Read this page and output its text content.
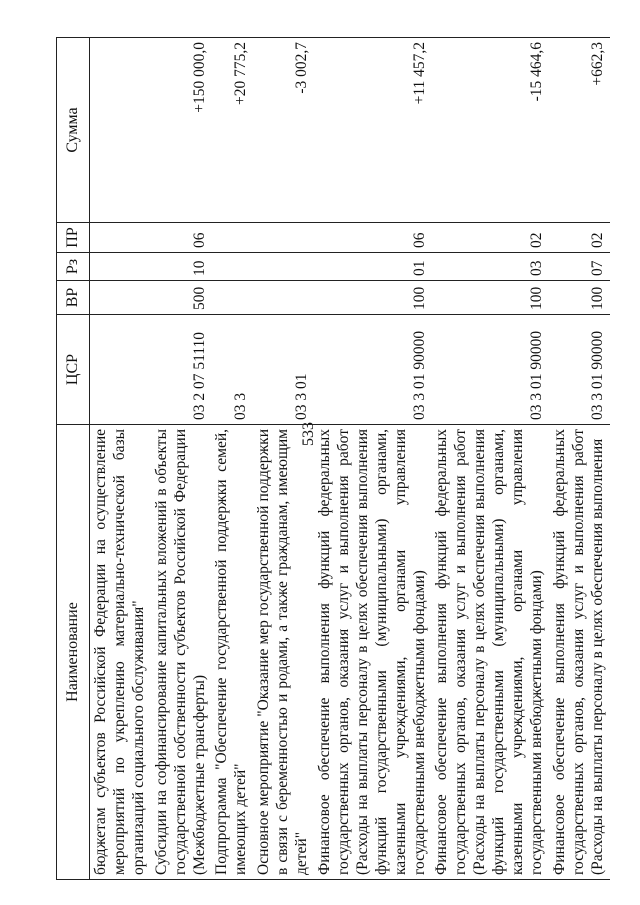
533
Наименование	ЦСР	ВР	Рз	ПР	Сумма
бюджетам субъектов Российской Федерации на осуществление мероприятий по укреплению материально-технической базы организаций социального обслуживания"					
Субсидии на софинансирование капитальных вложений в объекты государственной собственности субъектов Российской Федерации (Межбюджетные трансферты)	03 2 07 51110	500	10	06	+150 000,0
Подпрограмма "Обеспечение государственной поддержки семей, имеющих детей"	03 3				+20 775,2
Основное мероприятие "Оказание мер государственной поддержки в связи с беременностью и родами, а также гражданам, имеющим детей"	03 3 01				-3 002,7
Финансовое обеспечение выполнения функций федеральных государственных органов, оказания услуг и выполнения работ (Расходы на выплаты персоналу в целях обеспечения выполнения функций государственными (муниципальными) органами, казенными учреждениями, органами управления государственными внебюджетными фондами)	03 3 01 90000	100	01	06	+11 457,2
Финансовое обеспечение выполнения функций федеральных государственных органов, оказания услуг и выполнения работ (Расходы на выплаты персоналу в целях обеспечения выполнения функций государственными (муниципальными) органами, казенными учреждениями, органами управления государственными внебюджетными фондами)	03 3 01 90000	100	03	02	-15 464,6
Финансовое обеспечение выполнения функций федеральных государственных органов, оказания услуг и выполнения работ (Расходы на выплаты персоналу в целях обеспечения выполнения	03 3 01 90000	100	07	02	+662,3
